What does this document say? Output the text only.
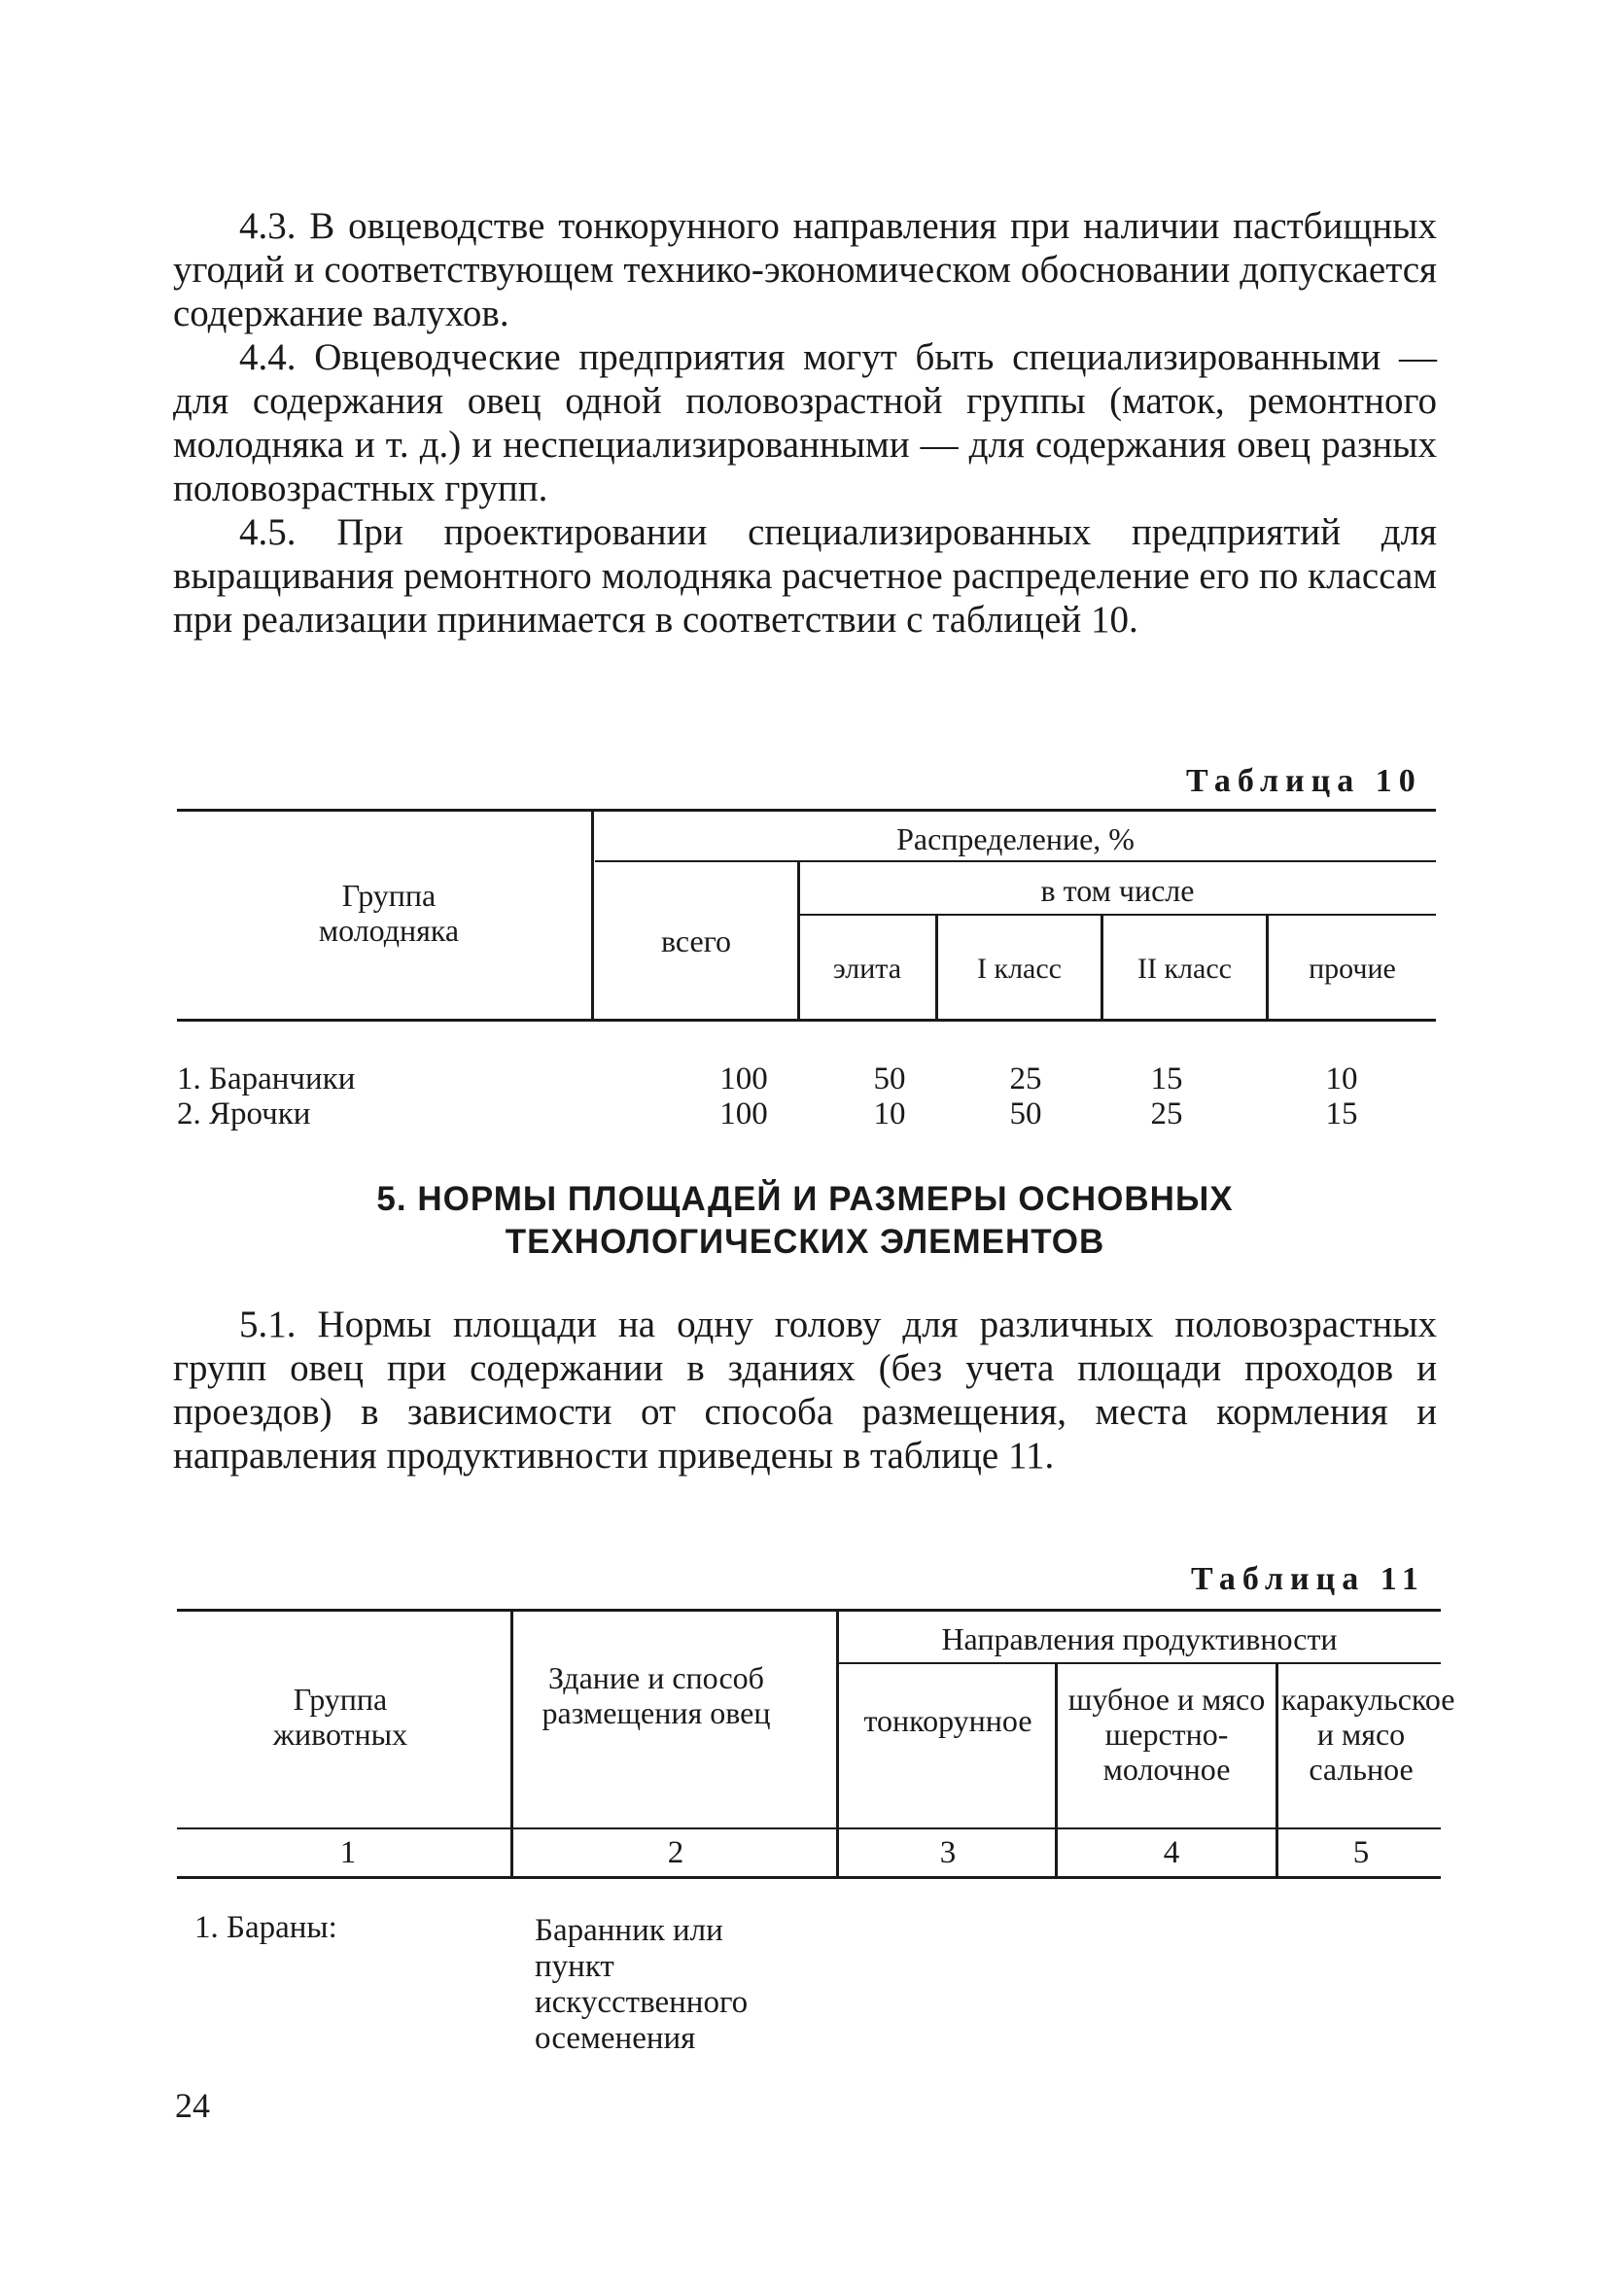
4.3. В овцеводстве тонкорунного направления при наличии пастбищных угодий и соответствующем технико-экономическом обосновании допускается содержание валухов.

4.4. Овцеводческие предприятия могут быть специализированными — для содержания овец одной половозрастной группы (маток, ремонтного молодняка и т. д.) и неспециализированными — для содержания овец разных половозрастных групп.

4.5. При проектировании специализированных предприятий для выращивания ремонтного молодняка расчетное распределение его по классам при реализации принимается в соответствии с таблицей 10.

Таблица 10
Группа молодняка
Распределение, %
всего
в том числе
элита	I класс	II класс	прочие
1. Баранчики	100	50	25	15	10
2. Ярочки	100	10	50	25	15
5. НОРМЫ ПЛОЩАДЕЙ И РАЗМЕРЫ ОСНОВНЫХ
ТЕХНОЛОГИЧЕСКИХ ЭЛЕМЕНТОВ

5.1. Нормы площади на одну голову для различных половозрастных групп овец при содержании в зданиях (без учета площади проходов и проездов) в зависимости от способа размещения, места кормления и направления продуктивности приведены в таблице 11.

Таблица 11
Группа животных
Здание и способ размещения овец
Направления продуктивности
тонкорунное
шубное и мясо шерстно-молочное
каракульское и мясо сальное
1	2	3	4	5
1. Бараны:	Баранник или пункт искусственного осеменения
24
